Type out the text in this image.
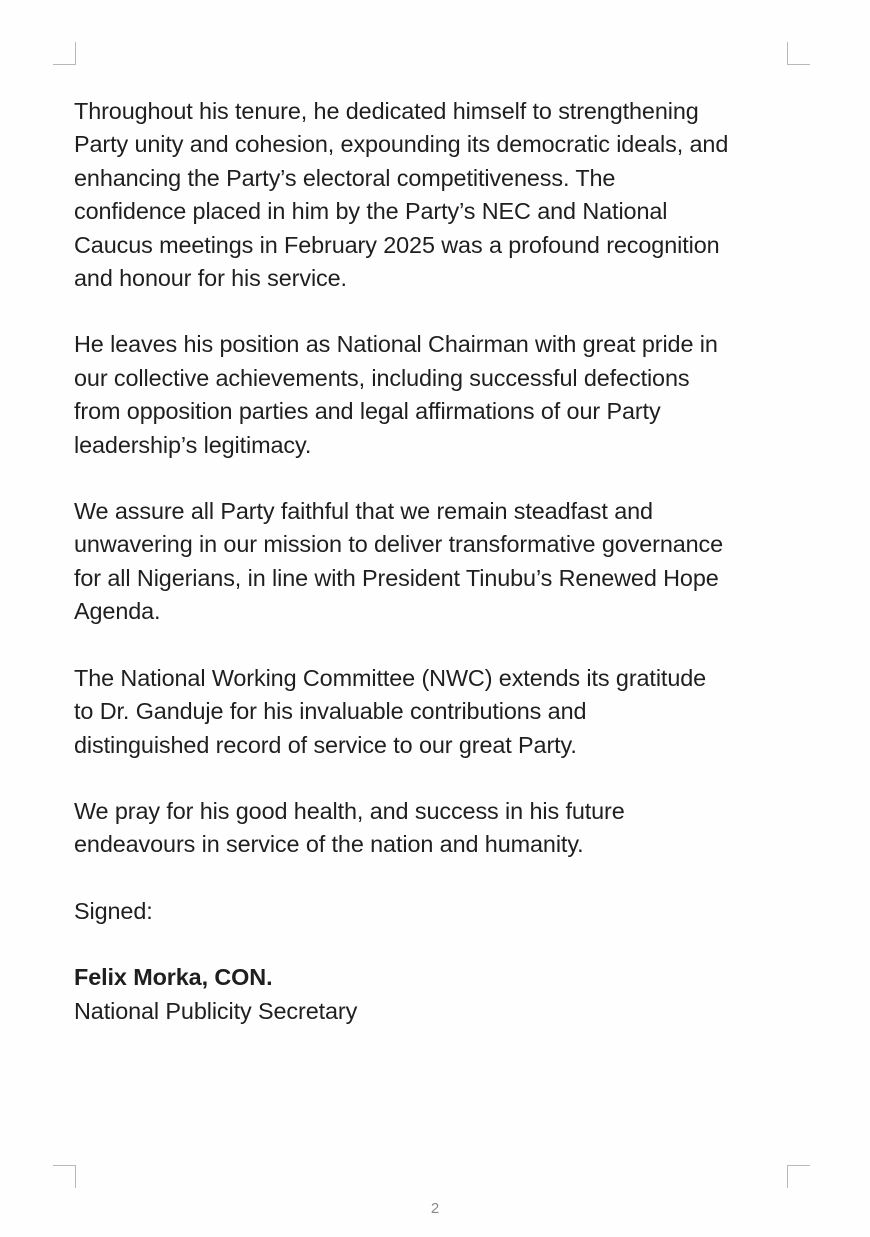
Throughout his tenure, he dedicated himself to strengthening
Party unity and cohesion, expounding its democratic ideals, and
enhancing the Party’s electoral competitiveness. The
confidence placed in him by the Party’s NEC and National
Caucus meetings in February 2025 was a profound recognition
and honour for his service.

He leaves his position as National Chairman with great pride in
our collective achievements, including successful defections
from opposition parties and legal affirmations of our Party
leadership’s legitimacy.

We assure all Party faithful that we remain steadfast and
unwavering in our mission to deliver transformative governance
for all Nigerians, in line with President Tinubu’s Renewed Hope
Agenda.

The National Working Committee (NWC) extends its gratitude
to Dr. Ganduje for his invaluable contributions and
distinguished record of service to our great Party.

We pray for his good health, and success in his future
endeavours in service of the nation and humanity.

Signed:

Felix Morka, CON.

National Publicity Secretary

2
